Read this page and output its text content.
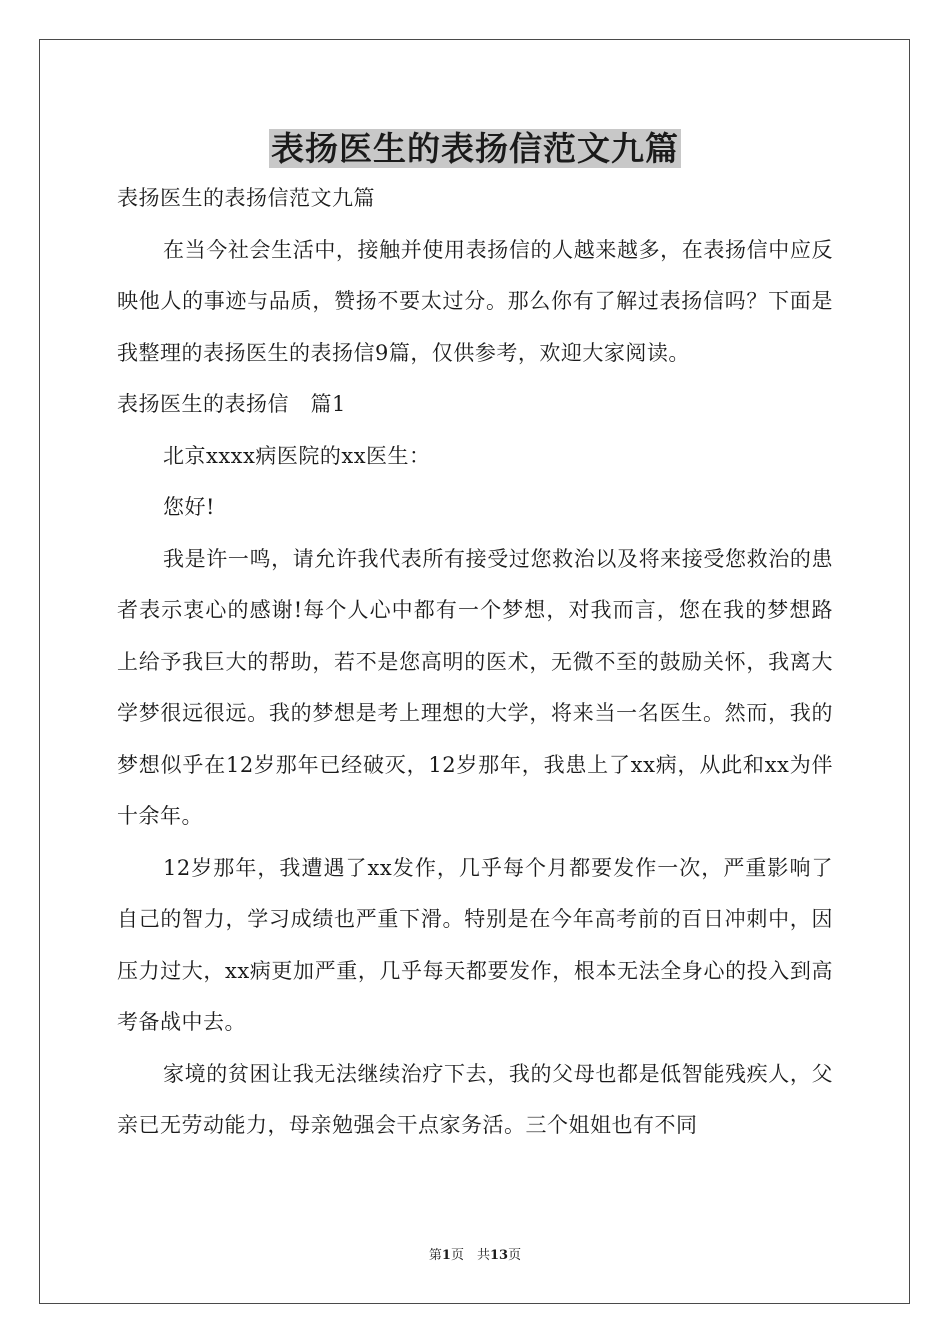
表扬医生的表扬信范文九篇

表扬医生的表扬信范文九篇

在当今社会生活中，接触并使用表扬信的人越来越多，在表扬信中应反映他人的事迹与品质，赞扬不要太过分。那么你有了解过表扬信吗？下面是我整理的表扬医生的表扬信9篇，仅供参考，欢迎大家阅读。

表扬医生的表扬信　篇1

北京xxxx病医院的xx医生：

您好!

我是许一鸣，请允许我代表所有接受过您救治以及将来接受您救治的患者表示衷心的感谢!每个人心中都有一个梦想，对我而言，您在我的梦想路上给予我巨大的帮助，若不是您高明的医术，无微不至的鼓励关怀，我离大学梦很远很远。我的梦想是考上理想的大学，将来当一名医生。然而，我的梦想似乎在12岁那年已经破灭，12岁那年，我患上了xx病，从此和xx为伴十余年。

12岁那年，我遭遇了xx发作，几乎每个月都要发作一次，严重影响了自己的智力，学习成绩也严重下滑。特别是在今年高考前的百日冲刺中，因压力过大，xx病更加严重，几乎每天都要发作，根本无法全身心的投入到高考备战中去。

家境的贫困让我无法继续治疗下去，我的父母也都是低智能残疾人，父亲已无劳动能力，母亲勉强会干点家务活。三个姐姐也有不同

第1页　共13页
